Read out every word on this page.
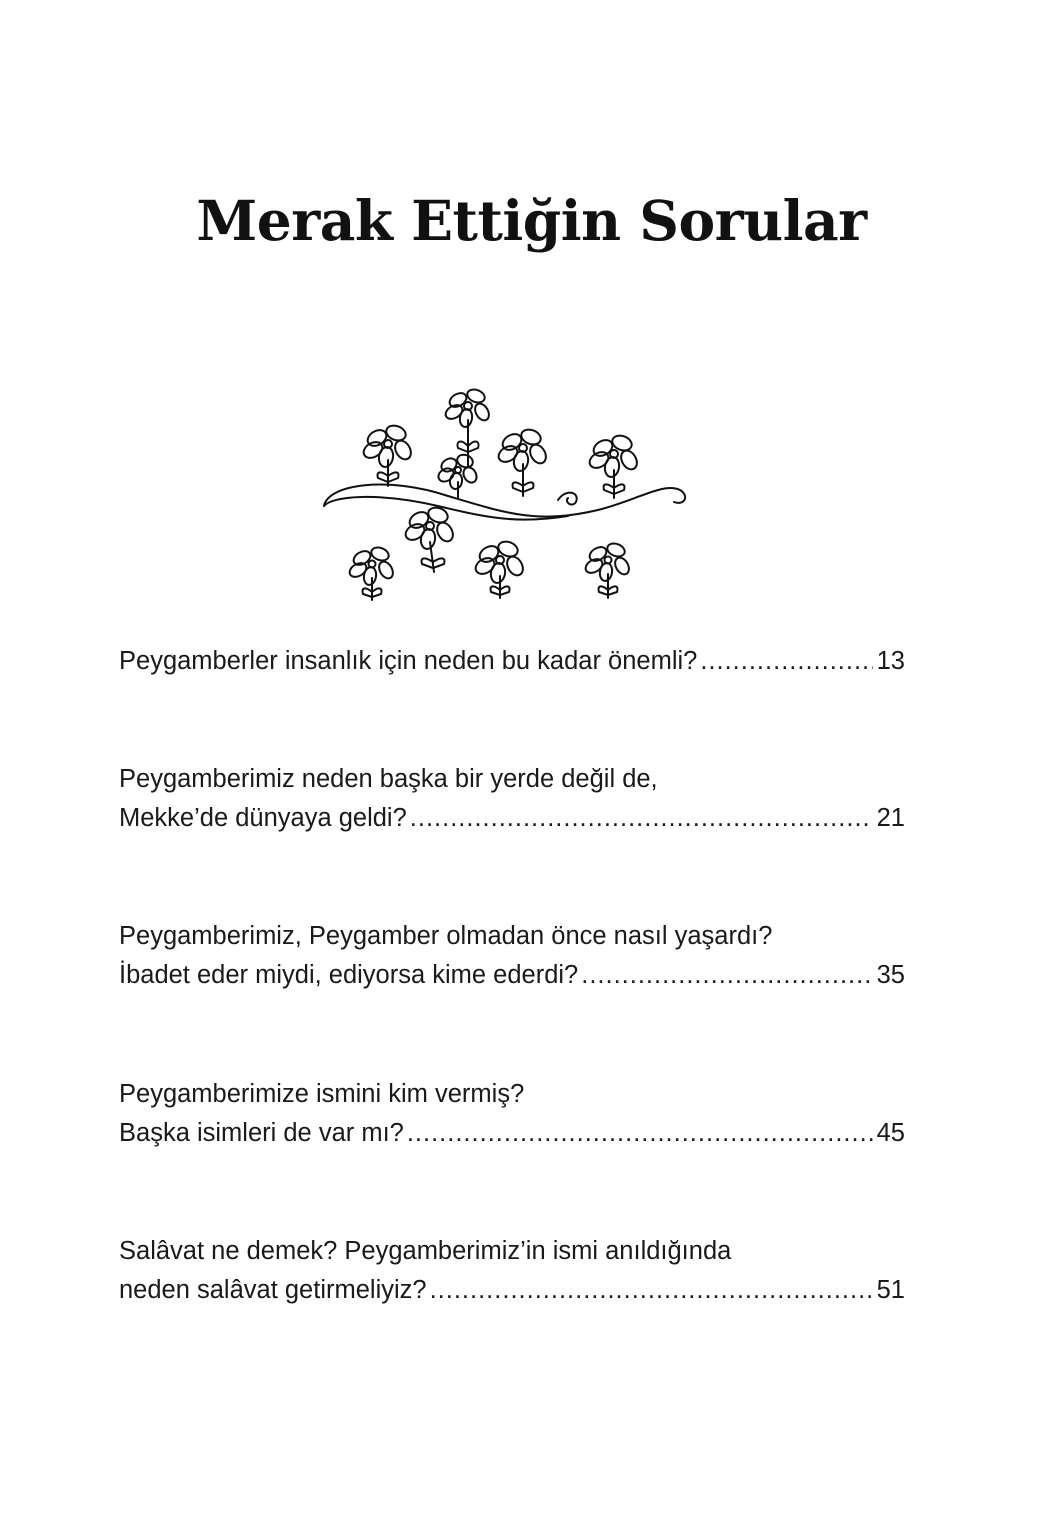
Merak Ettiğin Sorular
Peygamberler insanlık için neden bu kadar önemli? .....	13
Peygamberimiz neden başka bir yerde değil de,
Mekke’de dünyaya geldi? .....	21
Peygamberimiz, Peygamber olmadan önce nasıl yaşardı?
İbadet eder miydi, ediyorsa kime ederdi? .....	35
Peygamberimize ismini kim vermiş?
Başka isimleri de var mı? .....	45
Salâvat ne demek? Peygamberimiz’in ismi anıldığında
neden salâvat getirmeliyiz? .....	51
